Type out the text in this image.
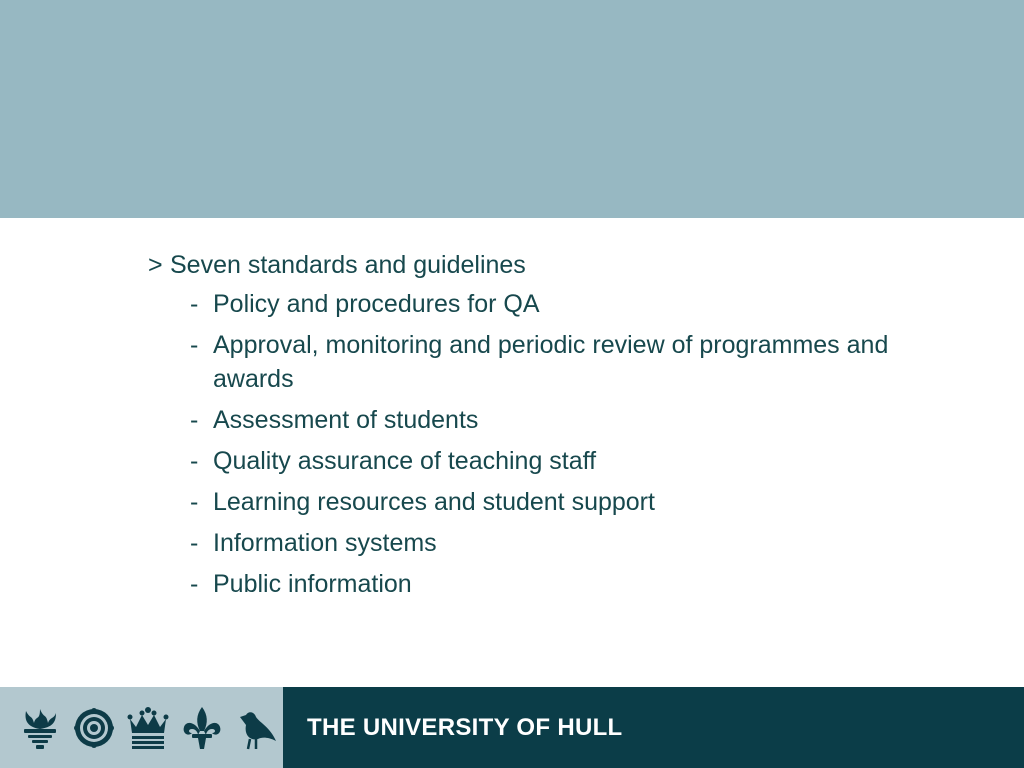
> Seven standards and guidelines
- Policy and procedures for QA
- Approval, monitoring and periodic review of programmes and awards
- Assessment of students
- Quality assurance of teaching staff
- Learning resources and student support
- Information systems
- Public information
THE UNIVERSITY OF HULL
